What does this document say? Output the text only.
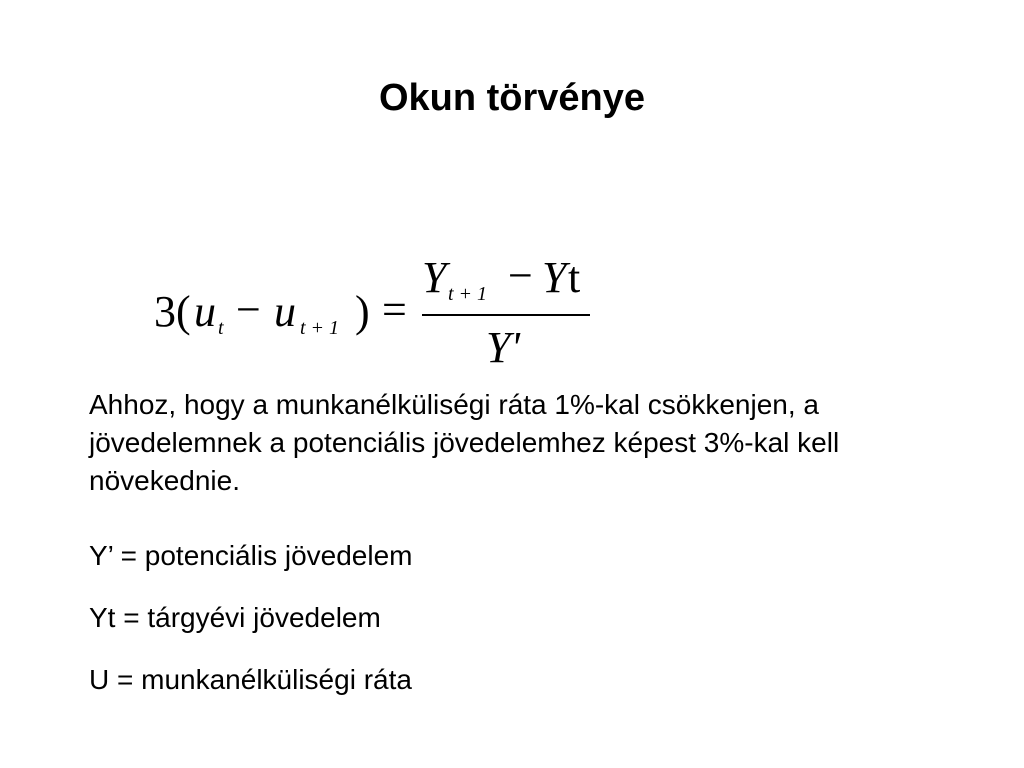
Okun törvénye
3( u t − u t + 1 ) =
Y t + 1 − Y t
Y'
Ahhoz, hogy a munkanélküliségi ráta 1%-kal csökkenjen, a jövedelemnek a potenciális jövedelemhez képest 3%-kal kell növekednie.
Y’ = potenciális jövedelem
Yt = tárgyévi jövedelem
U = munkanélküliségi ráta
